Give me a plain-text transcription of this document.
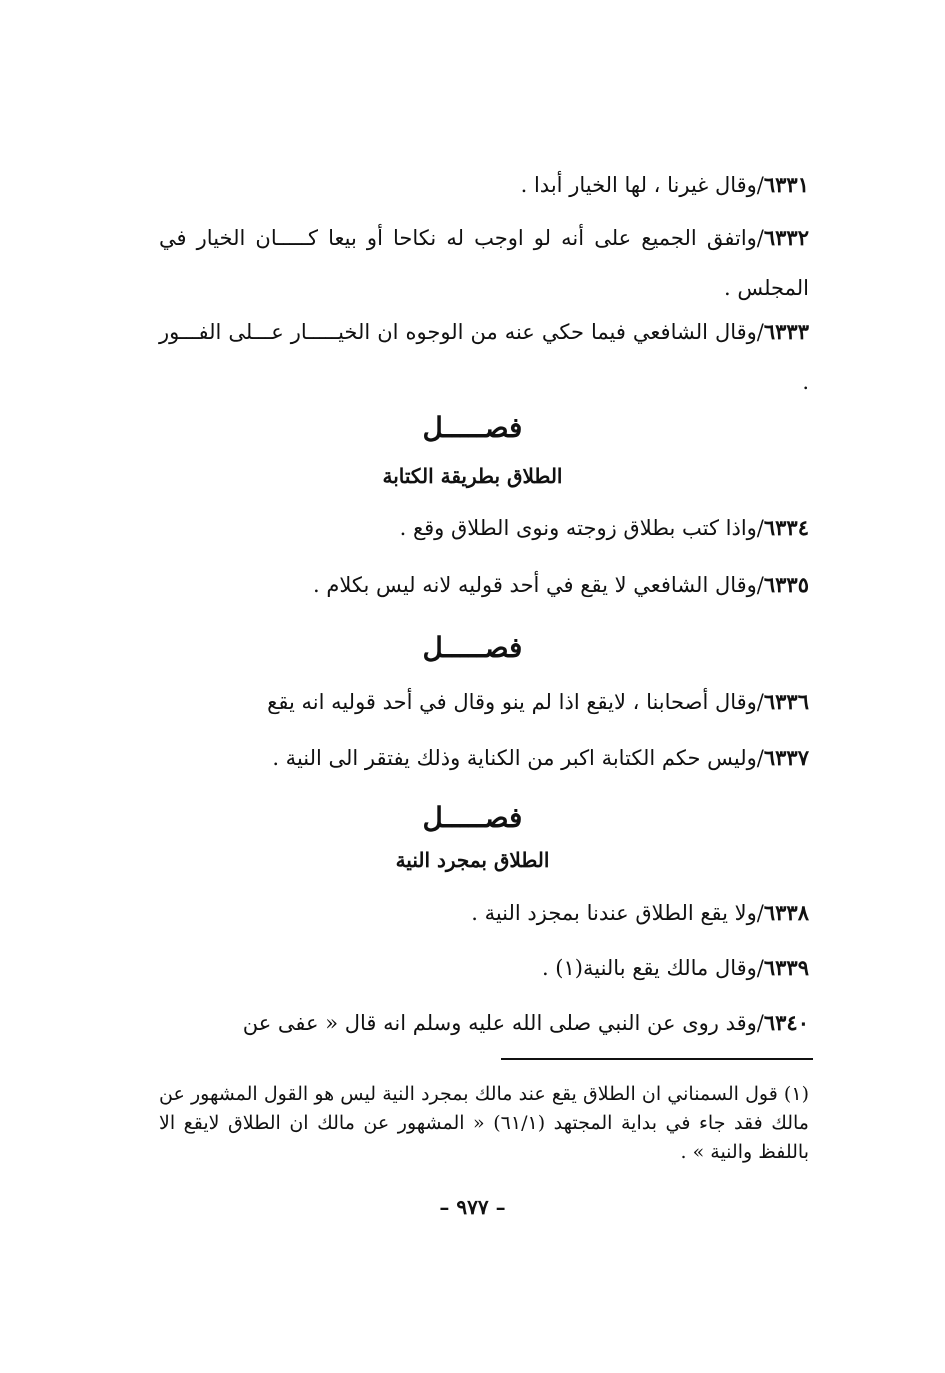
٦٣٣١/وقال غيرنا ، لها الخيار أبدا .
٦٣٣٢/واتفق الجميع على أنه لو اوجب له نكاحا أو بيعا كـــــان الخيار في المجلس .
٦٣٣٣/وقال الشافعي فيما حكي عنه من الوجوه ان الخيـــــار عـــلى الفـــور .
فصـــــل
الطلاق بطريقة الكتابة
٦٣٣٤/واذا كتب بطلاق زوجته ونوى الطلاق وقع .
٦٣٣٥/وقال الشافعي لا يقع في أحد قوليه لانه ليس بكلام .
فصـــــل
٦٣٣٦/وقال أصحابنا ، لايقع اذا لم ينو وقال في أحد قوليه انه يقع
٦٣٣٧/وليس حكم الكتابة اكبر من الكناية وذلك يفتقر الى النية .
فصـــــل
الطلاق بمجرد النية
٦٣٣٨/ولا يقع الطلاق عندنا بمجزد النية .
٦٣٣٩/وقال مالك يقع بالنية(١) .
٦٣٤٠/وقد روى عن النبي صلى الله عليه وسلم انه قال « عفى عن
(١) قول السمناني ان الطلاق يقع عند مالك بمجرد النية ليس هو القول المشهور عن مالك فقد جاء في بداية المجتهد (٦١/١) « المشهور عن مالك ان الطلاق لايقع الا باللفظ والنية » .
– ٩٧٧ –
